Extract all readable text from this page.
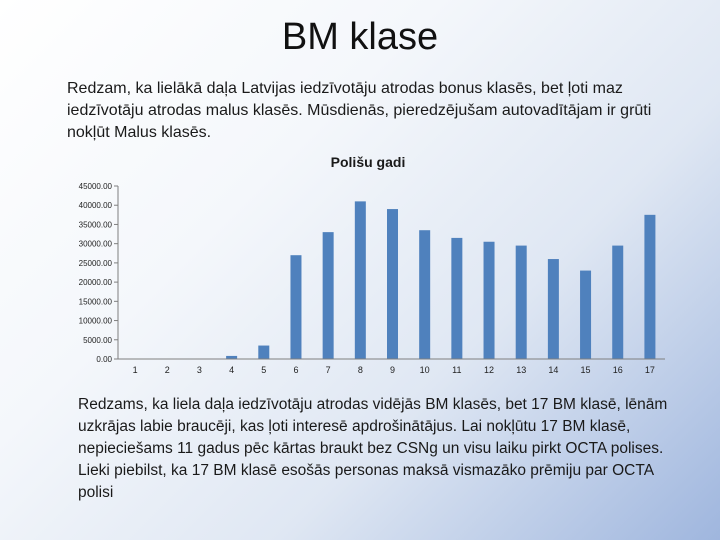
BM klase
Redzam, ka lielākā daļa Latvijas iedzīvotāju atrodas bonus klasēs, bet ļoti maz iedzīvotāju atrodas malus klasēs. Mūsdienās, pieredzējušam autovadītājam ir grūti nokļūt Malus klasēs.
Polišu gadi
0.00
5000.00
10000.00
15000.00
20000.00
25000.00
30000.00
35000.00
40000.00
45000.00
1	2	3	4	5	6	7	8	9	10 11 12 13 14 15 16 17
Redzams, ka liela daļa iedzīvotāju atrodas vidējās BM klasēs, bet 17 BM klasē, lēnām uzkrājas labie braucēji, kas ļoti interesē apdrošinātājus. Lai nokļūtu 17 BM klasē, nepieciešams 11 gadus pēc kārtas braukt bez CSNg un visu laiku pirkt OCTA polises. Lieki piebilst, ka 17 BM klasē esošās personas maksā vismazāko prēmiju par OCTA polisi
